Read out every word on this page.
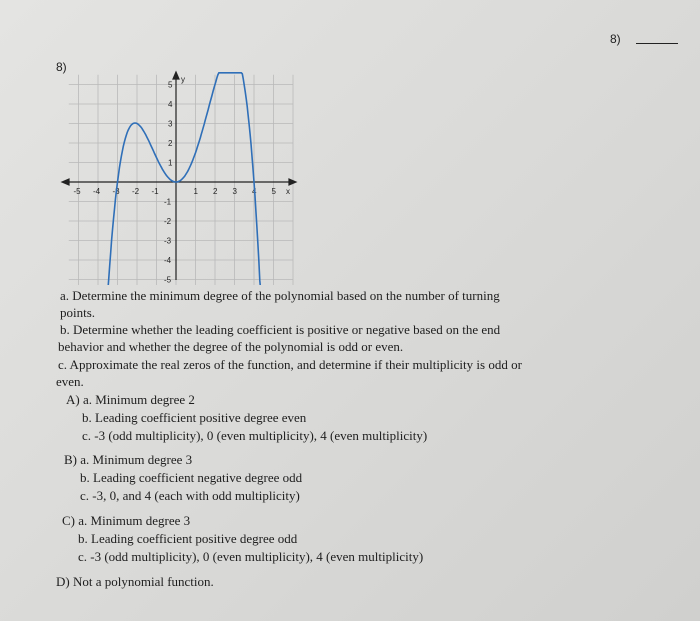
8)
8)
-5 -4 -3 -2 -1	1 2 3 4 5
5
4
3
2
1
-1
-2
-3
-4
-5
x
y
a. Determine the minimum degree of the polynomial based on the number of turning
points.
b. Determine whether the leading coefficient is positive or negative based on the end
behavior and whether the degree of the polynomial is odd or even.
c. Approximate the real zeros of the function, and determine if their multiplicity is odd or
even.
A) a. Minimum degree 2
b. Leading coefficient positive degree even
c. -3 (odd multiplicity), 0 (even multiplicity), 4 (even multiplicity)
B) a. Minimum degree 3
b. Leading coefficient negative degree odd
c. -3, 0, and 4 (each with odd multiplicity)
C) a. Minimum degree 3
b. Leading coefficient positive degree odd
c. -3 (odd multiplicity), 0 (even multiplicity), 4 (even multiplicity)
D) Not a polynomial function.
